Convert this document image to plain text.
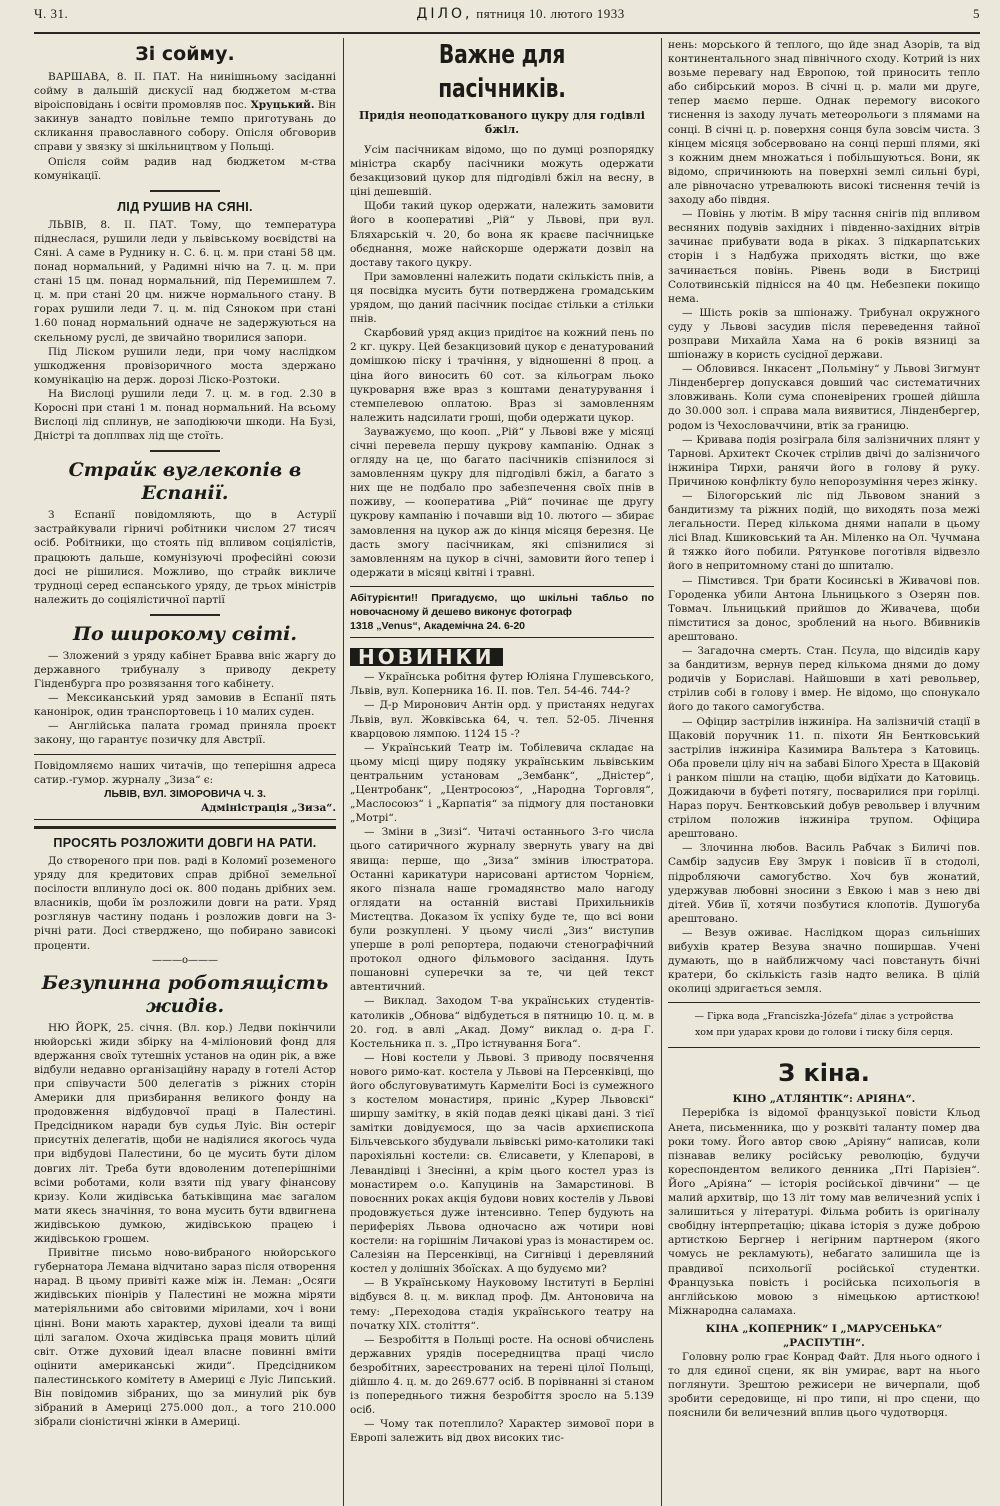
Ч. 31.	ДІЛО, пятниця 10. лютого 1933	5
Зі сойму.

ВАРШАВА, 8. II. ПАТ. На нинішньому засіданні сойму в дальшій дискусії над бюджетом м-ства віроісповідань і освіти промовляв пос. Хруцький. Він закинув занадто повільне темпо приготувань до скликання православного собору. Опісля обговорив справи у звязку зі шкільництвом у Польщі.

Опісля сойм радив над бюджетом м-ства комунікації.

ЛІД РУШИВ НА СЯНІ.

ЛЬВІВ, 8. II. ПАТ. Тому, що температура піднеслася, рушили леди у львівському воєвідстві на Сяні. А саме в Руднику н. С. 6. ц. м. при стані 58 цм. понад нормальний, у Радимні нічю на 7. ц. м. при стані 15 цм. понад нормальний, під Перемишлем 7. ц. м. при стані 20 цм. нижче нормального стану. В горах рушили леди 7. ц. м. під Сяноком при стані 1.60 понад нормальний одначе не задержуються на скельному руслі, де звичайно творилися запори.

Під Ліском рушили леди, при чому наслідком ушкодження провізоричного моста здержано комунікацію на держ. дорозі Ліско-Розтоки.

На Вислоці рушили леди 7. ц. м. в год. 2.30 в Коросні при стані 1 м. понад нормальний. На всьому Вислоці лід сплинув, не заподіюючи шкоди. На Бузі, Дністрі та доплпвах лід ще стоїть.

Страйк вуглекопів в Еспанії.

З Еспанії повідомляють, що в Астурії застрайкували гірничі робітники числом 27 тисяч осіб. Робітники, що стоять під впливом соціялістів, працюють дальше, комунізуючі професійні союзи досі не рішилися. Можливо, що страйк викличе трудноці серед еспанського уряду, де трьох міністрів належить до соціялістичної партії

По широкому світі.

— Зложений з уряду кабінет Бравва вніс жаргу до державного трибуналу з приводу декрету Гінденбурга про розвязання того кабінету.

— Мексиканський уряд замовив в Еспанії пять канонірок, один транспортовець і 10 малих суден.

— Англійська палата громад приняла проєкт закону, що гарантує позичку для Австрії.

Повідомляємо наших читачів, що теперішня адреса сатир.-гумор. журналу „Зиза“ є:

ЛЬВІВ, ВУЛ. ЗІМОРОВИЧА Ч. 3.

Адміністрація „Зиза“.

ПРОСЯТЬ РОЗЛОЖИТИ ДОВГИ НА РАТИ.

До створеного при пов. раді в Коломиї роземеного уряду для кредитових справ дрібної земельної посілости вплинуло досі ок. 800 подань дрібних зем. власників, щоби їм розложили довги на рати. Уряд розглянув частину подань і розложив довги на 3-річні рати. Досі стверджено, що побирано зависокі проценти.

———o———
Безупинна роботящість жидів.

НЮ ЙОРК, 25. січня. (Вл. кор.) Ледви покінчили нюйорські жиди збірку на 4-міліоновий фонд для вдержання своїх тутешніх установ на один рік, а вже відбули недавно організаційну нараду в готелі Астор при співучасти 500 делегатів з ріжних сторін Америки для призбирання великого фонду на продовження відбудовчої праці в Палестині. Предсідником наради був судья Луіс. Він остеріг присутніх делегатів, щоби не надіялися якогось чуда при відбудові Палестини, бо це мусить бути ділом довгих літ. Треба бути вдоволеним дотеперішніми всіми роботами, коли взяти під увагу фінансову кризу. Коли жидівська батьківщина має загалом мати якесь значіння, то вона мусить бути вдвигнена жидівською думкою, жидівською працею і жидівською грошем.

Привітне письмо ново-вибраного нюйорського губернатора Лемана відчитано зараз після отворення нарад. В цьому привіті каже між ін. Леман: „Осяги жидівських піонірів у Палестині не можна міряти матеріяльними або світовими мірилами, хоч і вони цінні. Вони мають характер, духові ідеали та вищі цілі загалом. Охоча жидівська праця мовить цілий світ. Отже духовий ідеал власне повинні вміти оцінити американські жиди“. Предсідником палестинського комітету в Америці є Луіс Липський. Він повідомив зібраних, що за минулий рік був зібраний в Америці 275.000 дол., а того 210.000 зібрали сіоністичні жінки в Америці.

Важне для пасічників.
Придія неоподаткованого цукру для годівлі бжіл.

Усім пасічникам відомо, що по думці розпорядку міністра скарбу пасічники можуть одержати безакцизовий цукор для підгодівлі бжіл на весну, в ціні дешевшій.

Щоби такий цукор одержати, належить замовити його в кооперативі „Рій“ у Львові, при вул. Бляхарській ч. 20, бо вона як краєве пасічницьке обєднання, може найскорше одержати дозвіл на доставу такого цукру.

При замовленні належить подати скількість пнів, а ця посвідка мусить бути потверджена громадським урядом, що даний пасічник посідає стільки а стільки пнів.

Скарбовий уряд акциз придітоє на кожний пень по 2 кг. цукру. Цей безакцизовий цукор є денатурований домішкою піску і трачіння, у відношенні 8 проц. а ціна його виносить 60 сот. за кільограм льоко цукроварня вже враз з коштами денатурування і стемпелевою оплатою. Враз зі замовленням належить надсилати гроші, щоби одержати цукор.

Зауважуємо, що кооп. „Рій“ у Львові вже у місяці січні перевела першу цукрову кампанію. Однак з огляду на це, що багато пасічників спізнилося зі замовленням цукру для підгодівлі бжіл, а багато з них ще не подбало про забезпечення своїх пнів в поживу, — кооператива „Рій“ починає ще другу цукрову кампанію і почавши від 10. лютого — збирає замовлення на цукор аж до кінця місяця березня. Це дасть змогу пасічникам, які спізнилися зі замовленням на цукор в січні, замовити його тепер і одержати в місяці квітні і травні.

Абітурієнти!! Пригадуємо, що шкільні табльо по новочасному й дешево виконує фотограф

1318 „Venus“, Академічна 24. 6-20

НОВИНКИ

— Українська робітня футер Юліяна Глушевського, Львів, вул. Коперника 16. II. пов. Тел. 54-46. 744-?

— Д-р Миронович Антін орд. у пристанях недугах Львів, вул. Жовківська 64, ч. тел. 52-05. Лічення кварцовою лямпою. 1124 15 -?

— Український Театр ім. Тобілевича складає на цьому місці щиру подяку українським львівським центральним установам „Зембанк“, „Дністер“, „Центробанк“, „Центросоюз“, „Народна Торговля“, „Маслосоюз“ і „Карпатія“ за підмогу для постановки „Мотрі“.

— Зміни в „Зизі“. Читачі останнього 3-го числа цього сатиричного журналу звернуть увагу на дві явища: перше, що „Зиза“ змінив ілюстратора. Останні карикатури нарисовані артистом Чорнієм, якого пізнала наше громадянство мало нагоду оглядати на останній виставі Прихильників Мистецтва. Доказом їх успіху буде те, що всі вони були розкуплені. У цьому числі „Зиз“ виступив уперше в ролі репортера, подаючи стенографічний протокол одного фільмового засідання. Ідуть пошановні суперечки за те, чи цей текст автентичний.

— Виклад. Заходом Т-ва українських студентів-католиків „Обнова“ відбудеться в пятницю 10. ц. м. в 20. год. в авлі „Акад. Дому“ виклад о. д-ра Г. Костельника п. з. „Про істнування Бога“.

— Нові костели у Львові. З приводу посвячення нового римо-кат. костела у Львові на Персенківці, що його обслуговуватимуть Кармеліти Босі із сумежного з костелом монастиря, приніс „Курер Львовскі“ ширшу замітку, в якій подав деякі цікаві дані. З тієї замітки довідуємося, що за часів архиєпископа Більчевського збудували львівські римо-католики такі парохіяльні костели: св. Єлисавети, у Клепарові, в Левандівці і Знесінні, а крім цього костел ураз із монастирем о.о. Капуцинів на Замарстинові. В повоєнних роках акція будови нових костелів у Львові продовжується дуже інтенсивно. Тепер будують на периферіях Львова одночасно аж чотири нові костели: на горішнім Личакові ураз із монастирем ос. Салезіян на Персенківці, на Сигнівці і деревляний костел у долішніх Збоїсках. А що будуємо ми?

— В Українському Науковому Інституті в Берліні відбувся 8. ц. м. виклад проф. Дм. Антоновича на тему: „Переходова стадія українського театру на початку XIX. століття“.

— Безробіття в Польщі росте. На основі обчислень державних урядів посередництва праці число безробітних, зареєстрованих на терені цілої Польщі, дійшло 4. ц. м. до 269.677 осіб. В порівнанні зі станом із попереднього тижня безробіття зросло на 5.139 осіб.

— Чому так потеплило? Характер зимової пори в Европі залежить від двох високих тис-

нень: морського й теплого, що йде знад Азорів, та від континентального знад північного сходу. Котрий із них возьме перевагу над Европою, той приносить тепло або сибірський мороз. В січні ц. р. мали ми друге, тепер маємо перше. Однак перемогу високого тиснення із заходу лучать метеорольоги з плямами на сонці. В січні ц. р. поверхня сонця була зовсім чиста. З кінцем місяця зобсервовано на сонці перші плями, які з кожним днем множаться і побільшуються. Вони, як відомо, спричинюють на поверхні землі сильні бурі, але рівночасно утревалюють високі тиснення течій із заходу або півдня.

— Повінь у лютім. В міру тасння снігів під впливом весняних подувів західних і південно-західних вітрів зачинає прибувати вода в ріках. З підкарпатських сторін і з Надбужа приходять вістки, що вже зачинається повінь. Рівень води в Бистриці Солотвинській піднісся на 40 цм. Небезпеки покищо нема.

— Шість років за шпіонажу. Трибунал окружного суду у Львові засудив після переведення тайної розправи Михайла Хама на 6 років вязниці за шпіонажу в користь сусідної держави.

— Обловився. Інкасент „Польміну“ у Львові Зигмунт Лінденбергер допускався довший час систематичних зловживань. Коли сума споневірених грошей дійшла до 30.000 зол. і справа мала виявитися, Лінденбергер, родом із Чехословаччини, втік за границю.

— Кривава подія розіграла біля залізничних плянт у Тарнові. Архитект Скочек стрілив двічі до залізничого інжиніра Тирхи, ранячи його в голову й руку. Причиною конфлікту було непорозуміння через жінку.

— Білогорський ліс під Львовом знаний з бандитизму та ріжних подій, що виходять поза межі легальности. Перед кількома днями напали в цьому лісі Влад. Кшиковський та Ан. Міленко на Ол. Чучмана й тяжко його побили. Рятункове поготівля відвезло його в непритомному стані до шпиталю.

— Пімстився. Три брати Косинські в Живачові пов. Городенка убили Антона Ільницького з Озерян пов. Товмач. Ільницький прийшов до Живачева, щоби пімститися за донос, зроблений на нього. Вбивників арештовано.

— Загадочна смерть. Стан. Псула, що відсидів кару за бандитизм, вернув перед кількома днями до дому родичів у Бориславі. Найшовши в хаті револьвер, стрілив собі в голову і вмер. Не відомо, що спонукало його до такого самогубства.

— Офіцир застрілив інжиніра. На залізничій стації в Щаковій поручник 11. п. піхоти Ян Бентковський застрілив інжиніра Казимира Вальтера з Катовиць. Оба провели цілу ніч на забаві Білого Хреста в Щаковій і ранком пішли на стацію, щоби відїхати до Катовиць. Дожидаючи в буфеті потягу, посварилися при горілці. Нараз поруч. Бентковський добув револьвер і влучним стрілом положив інжиніра трупом. Офіцира арештовано.

— Злочинна любов. Василь Рабчак з Биличі пов. Самбір задусив Еву Змрук і повісив її в стодолі, підробляючи самогубство. Хоч був жонатий, удержував любовні зносини з Евкою і мав з нею дві дітей. Убив її, хотячи позбутися клопотів. Душогуба арештовано.

— Везув оживає. Наслідком щораз сильніших вибухів кратер Везува значно поширшав. Учені думають, що в найближчому часі повстануть бічні кратери, бо скількість газів надто велика. В цілій околиці здригається земля.

— Гірка вода „Franciszka-Józefa“ ділає з устройства

хом при ударах крови до голови і тиску біля серця.

З кіна.

КІНО „АТЛЯНТІК“: АРІЯНА“.

Перерібка із відомої французької повісти Кльод Анета, письменника, що у розквіті таланту помер два роки тому. Його автор свою „Аріяну“ написав, коли пізнавав велику російську революцію, будучи кореспондентом великого денника „Пті Парізіен“. Його „Аріяна“ — історія російської дівчини“ — це малий архитвір, що 13 літ тому мав величезний успіх і залишиться у літературі. Фільма робить із оригіналу свобідну інтерпретацію; цікава історія з дуже доброю артисткою Бергнер і негірним партнером (якого чомусь не рекламують), небагато залишила ще із правдивої психольогії російської студентки. Французька повість і російська психольогія в англійською мовою з німецькою артисткою! Міжнародна саламаха.

КІНА „КОПЕРНИК“ І „МАРУСЕНЬКА“

„РАСПУТІН“.

Головну ролю грає Конрад Файт. Для нього одного і то для єдиної сцени, як він умирає, варт на нього поглянути. Зрештою режисери не вичерпали, щоб зробити середовище, ні про типи, ні про сцени, що пояснили би величезний вплив цього чудотворця.
